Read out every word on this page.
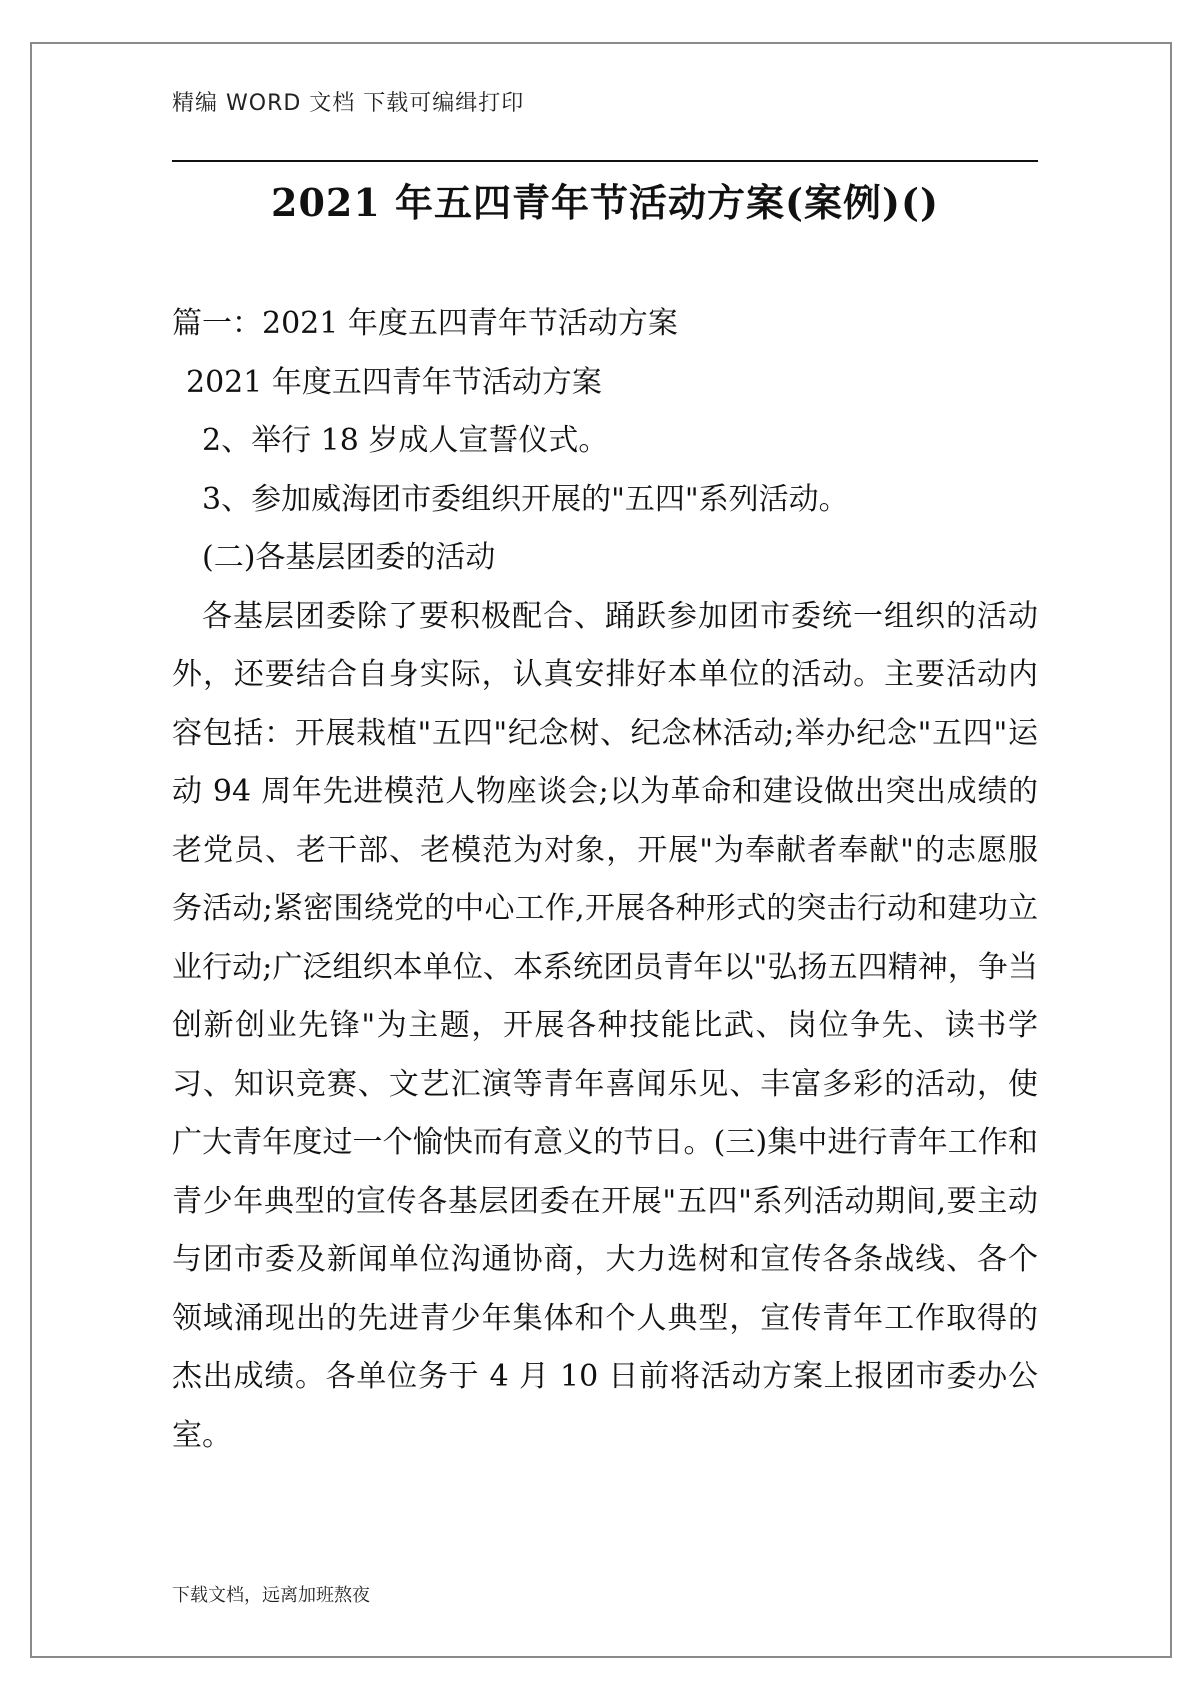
精编 WORD 文档 下载可编缉打印
2021 年五四青年节活动方案(案例)()

篇一：2021 年度五四青年节活动方案

2021 年度五四青年节活动方案

2、举行 18 岁成人宣誓仪式。

3、参加威海团市委组织开展的"五四"系列活动。

(二)各基层团委的活动

各基层团委除了要积极配合、踊跃参加团市委统一组织的活动外，还要结合自身实际，认真安排好本单位的活动。主要活动内容包括：开展栽植"五四"纪念树、纪念林活动;举办纪念"五四"运动 94 周年先进模范人物座谈会;以为革命和建设做出突出成绩的老党员、老干部、老模范为对象，开展"为奉献者奉献"的志愿服务活动;紧密围绕党的中心工作,开展各种形式的突击行动和建功立业行动;广泛组织本单位、本系统团员青年以"弘扬五四精神，争当创新创业先锋"为主题，开展各种技能比武、岗位争先、读书学习、知识竞赛、文艺汇演等青年喜闻乐见、丰富多彩的活动，使广大青年度过一个愉快而有意义的节日。(三)集中进行青年工作和青少年典型的宣传各基层团委在开展"五四"系列活动期间,要主动与团市委及新闻单位沟通协商，大力选树和宣传各条战线、各个领域涌现出的先进青少年集体和个人典型，宣传青年工作取得的杰出成绩。各单位务于 4 月 10 日前将活动方案上报团市委办公室。

下载文档，远离加班熬夜
